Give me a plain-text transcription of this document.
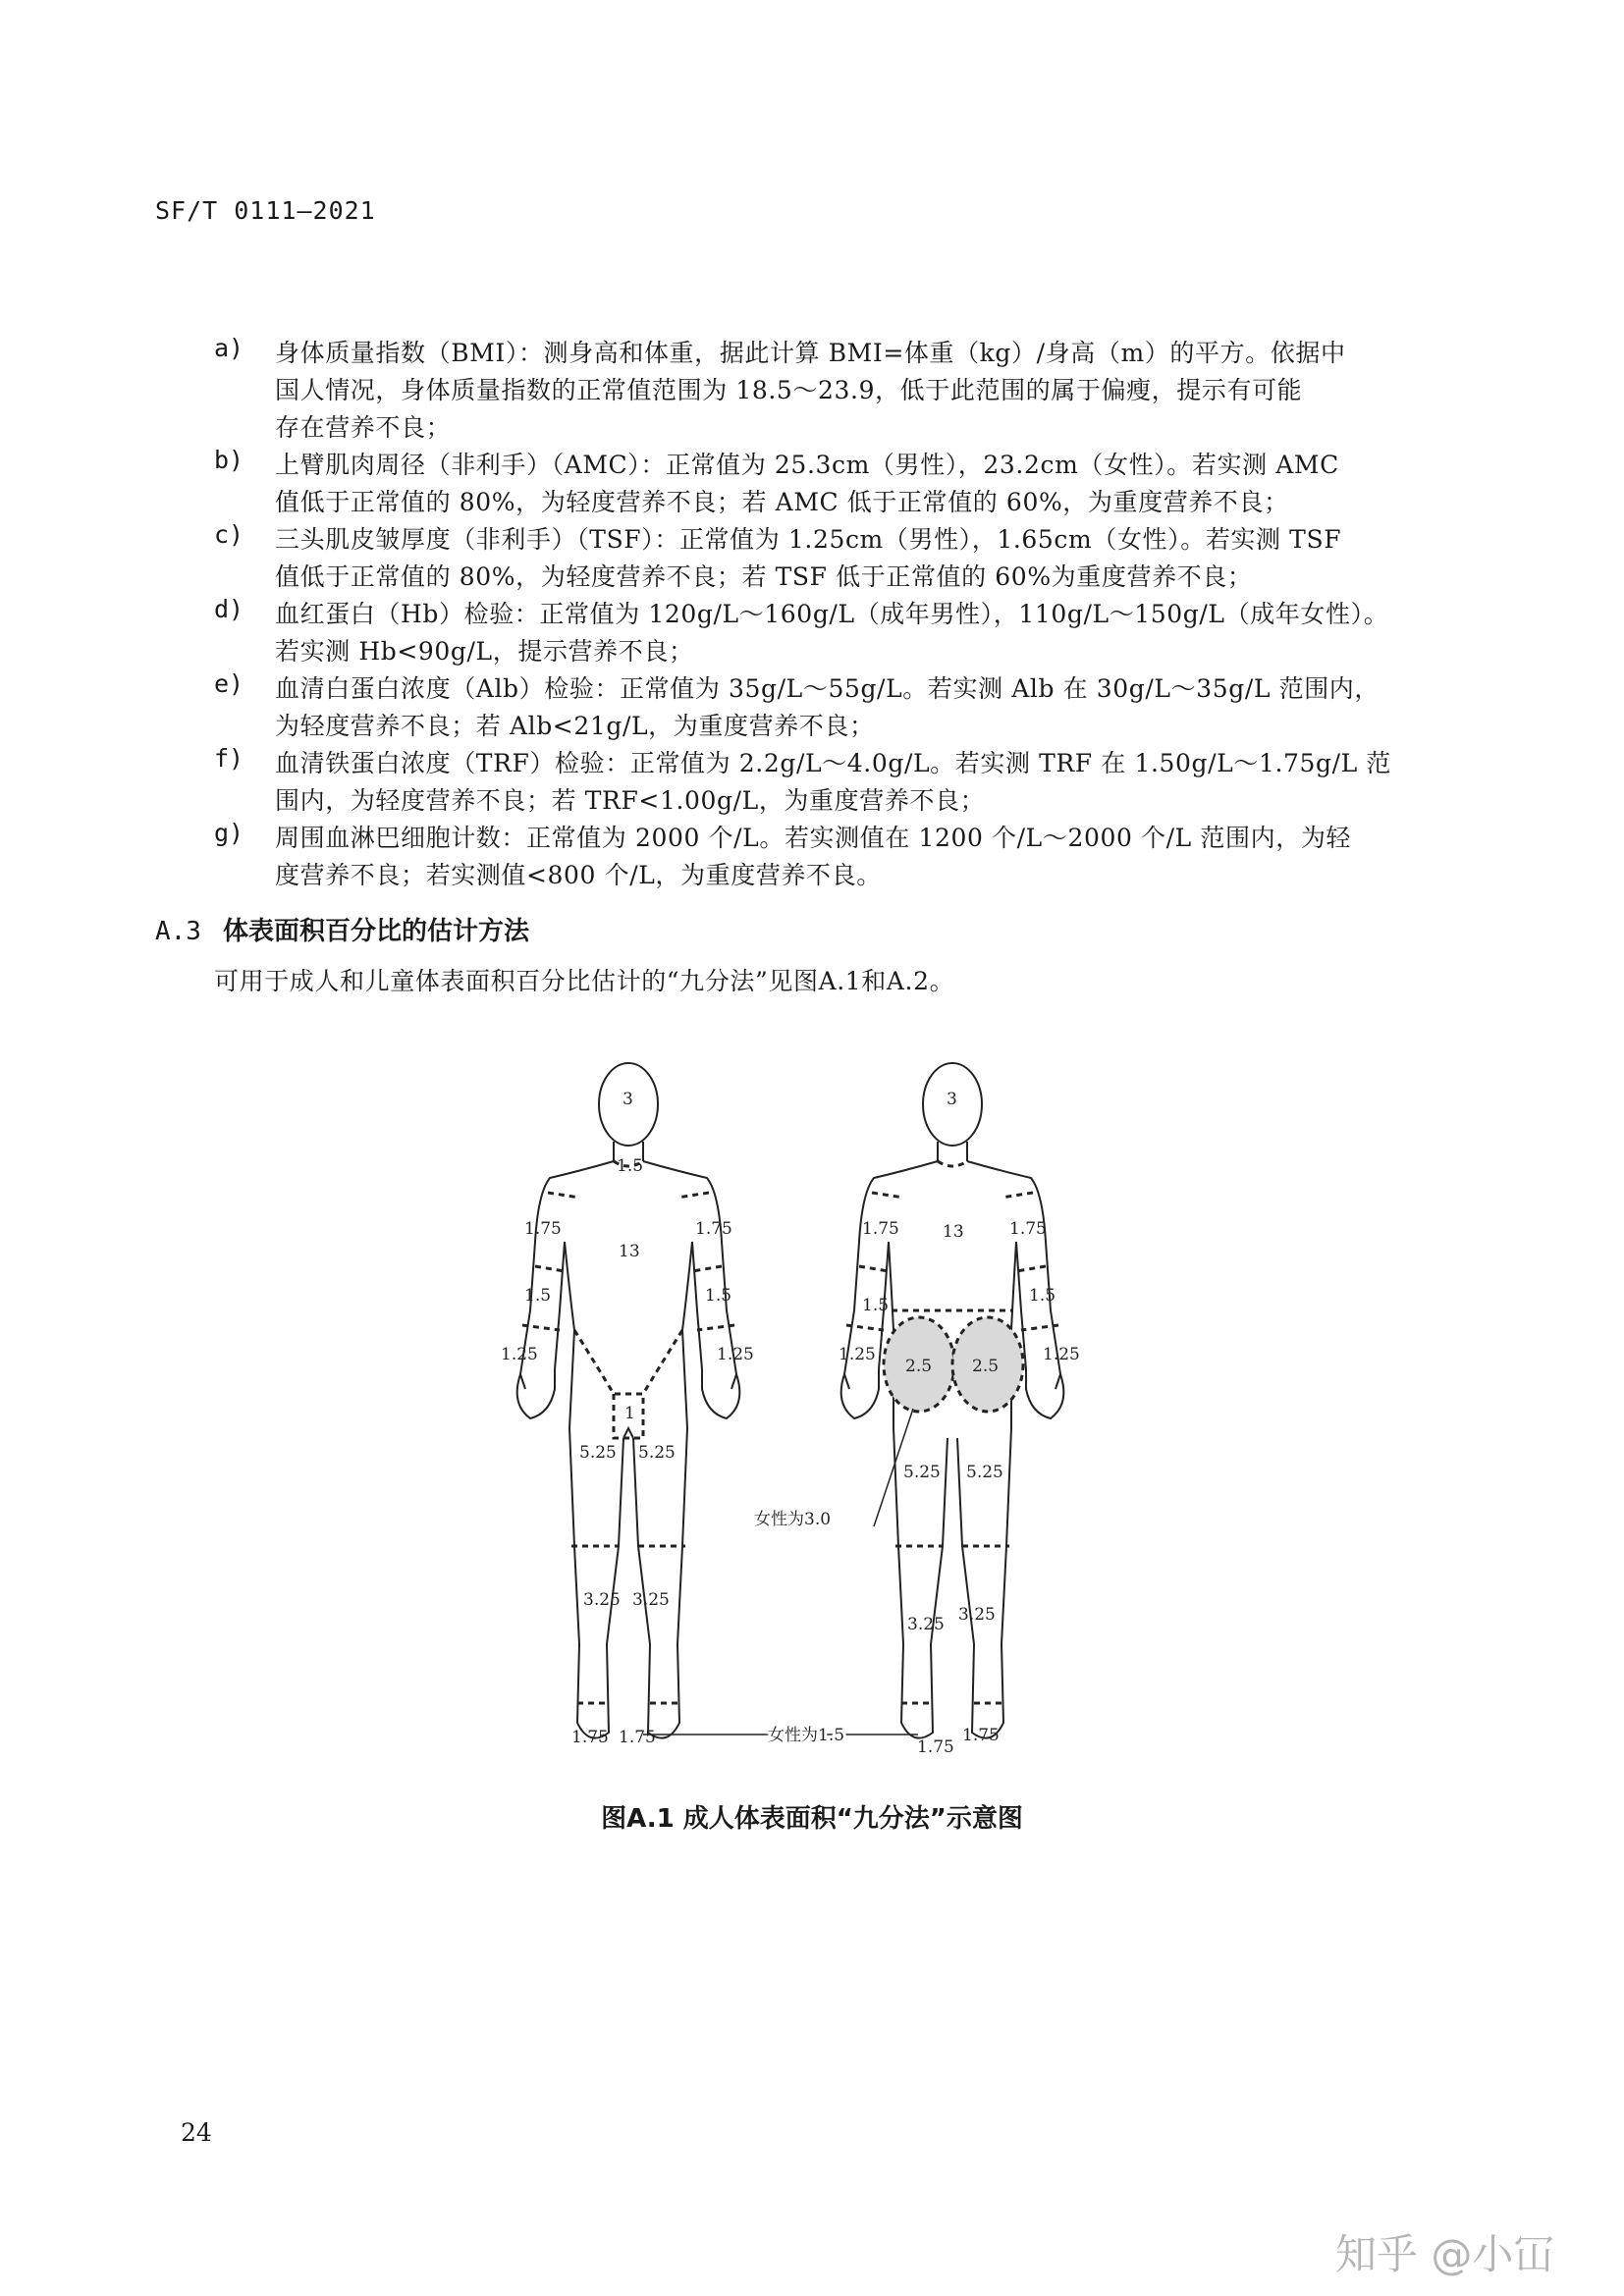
SF/T 0111—2021
a)	身体质量指数（BMI）：测身高和体重，据此计算 BMI=体重（kg）/身高（m）的平方。依据中
国人情况，身体质量指数的正常值范围为 18.5～23.9，低于此范围的属于偏瘦，提示有可能
存在营养不良；
b)	上臂肌肉周径（非利手）（AMC）：正常值为 25.3cm（男性），23.2cm（女性）。若实测 AMC
值低于正常值的 80%，为轻度营养不良；若 AMC 低于正常值的 60%，为重度营养不良；
c)	三头肌皮皱厚度（非利手）（TSF）：正常值为 1.25cm（男性），1.65cm（女性）。若实测 TSF
值低于正常值的 80%，为轻度营养不良；若 TSF 低于正常值的 60%为重度营养不良；
d)	血红蛋白（Hb）检验：正常值为 120g/L～160g/L（成年男性），110g/L～150g/L（成年女性）。
若实测 Hb<90g/L，提示营养不良；
e)	血清白蛋白浓度（Alb）检验：正常值为 35g/L～55g/L。若实测 Alb 在 30g/L～35g/L 范围内，
为轻度营养不良；若 Alb<21g/L，为重度营养不良；
f)	血清铁蛋白浓度（TRF）检验：正常值为 2.2g/L～4.0g/L。若实测 TRF 在 1.50g/L～1.75g/L 范
围内，为轻度营养不良；若 TRF<1.00g/L，为重度营养不良；
g)	周围血淋巴细胞计数：正常值为 2000 个/L。若实测值在 1200 个/L～2000 个/L 范围内，为轻
度营养不良；若实测值<800 个/L，为重度营养不良。
A.3 体表面积百分比的估计方法
可用于成人和儿童体表面积百分比估计的“九分法”见图A.1和A.2。
3
1.5
13
1.75	1.75
1.5	1.5
1.25	1.25
1
5.25 5.25
3.25 3.25
1.75 1.75
3
13
1.75	1.75
1.5	1.5
1.25	1.25
2.5 2.5
5.25 5.25
3.25 3.25
1.75
1.75
女性为3.0
女性为1.5
图A.1 成人体表面积“九分法”示意图
24
知乎 @小冚
